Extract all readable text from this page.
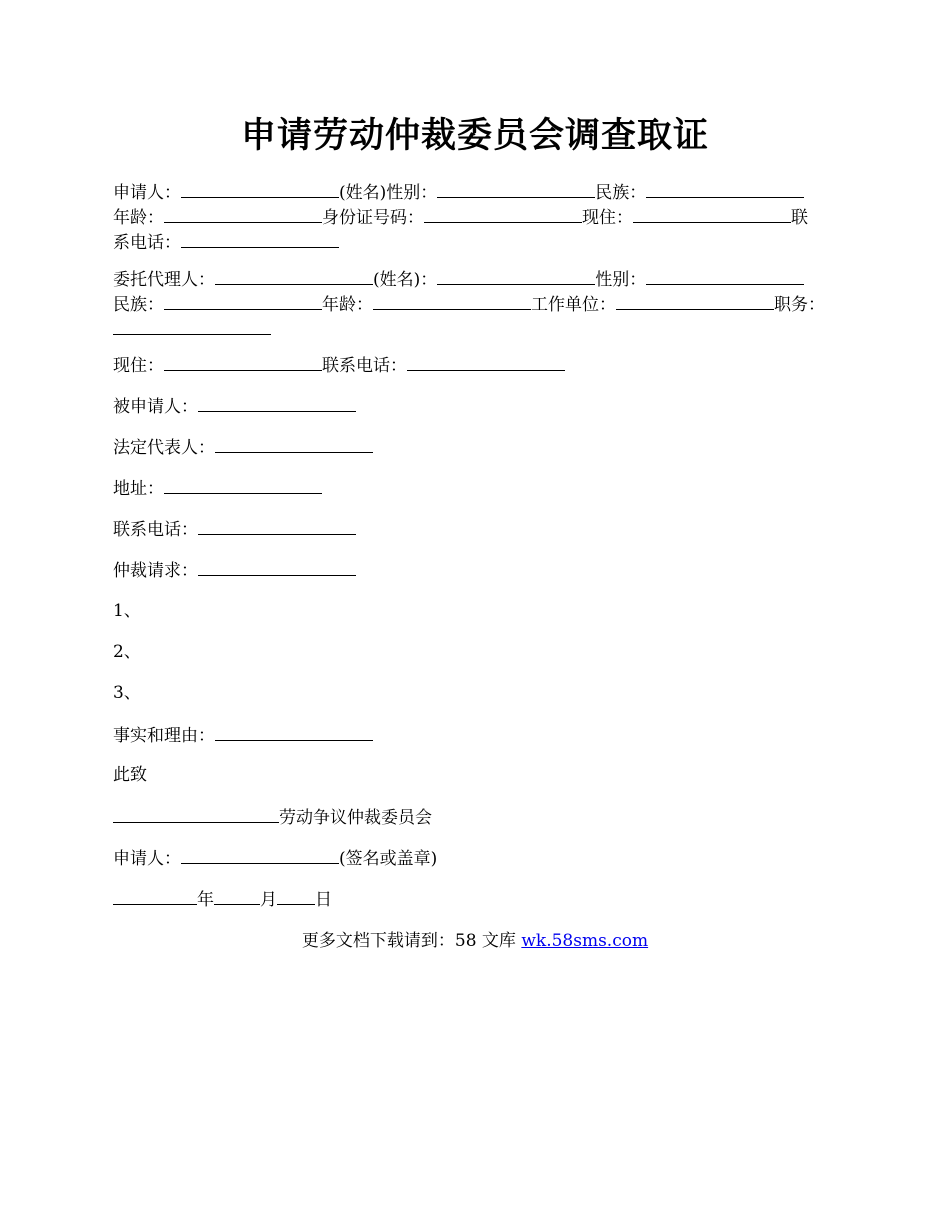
申请劳动仲裁委员会调查取证
申请人：	(姓名)性别：	民族：
年龄：	身份证号码：	现住：	联
系电话：
委托代理人：	(姓名)：	性别：
民族：	年龄：	工作单位：	职务：

现住：	联系电话：
被申请人：
法定代表人：
地址：
联系电话：
仲裁请求：
1、
2、
3、
事实和理由：
此致
劳动争议仲裁委员会
申请人：	(签名或盖章)
年	月 日
更多文档下载请到：58 文库 wk.58sms.com
